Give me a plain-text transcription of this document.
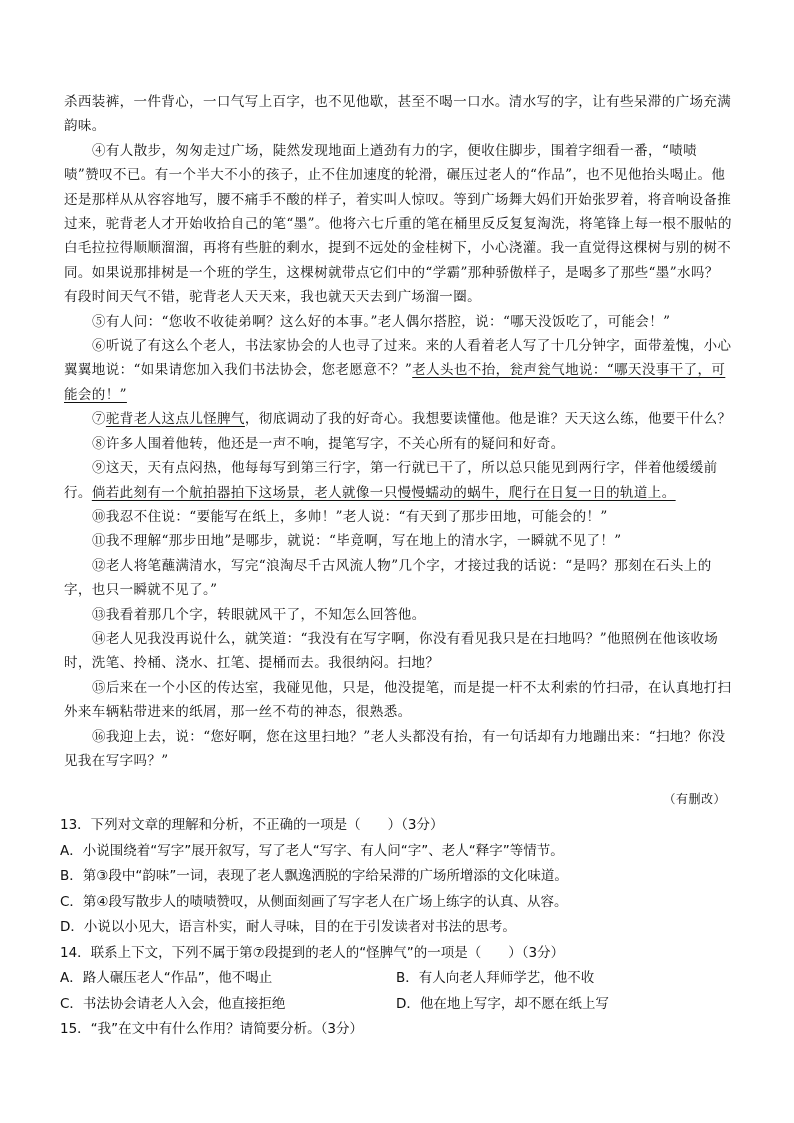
杀西装裤，一件背心，一口气写上百字，也不见他歇，甚至不喝一口水。清水写的字，让有些呆滞的广场充满韵味。

④有人散步，匆匆走过广场，陡然发现地面上遒劲有力的字，便收住脚步，围着字细看一番，“啧啧啧”赞叹不已。有一个半大不小的孩子，止不住加速度的轮滑，碾压过老人的“作品”，也不见他抬头喝止。他还是那样从从容容地写，腰不痛手不酸的样子，着实叫人惊叹。等到广场舞大妈们开始张罗着，将音响设备推过来，驼背老人才开始收拾自己的笔“墨”。他将六七斤重的笔在桶里反反复复淘洗，将笔锋上每一根不服帖的白毛拉拉得顺顺溜溜，再将有些脏的剩水，提到不远处的金桂树下，小心浇灌。我一直觉得这棵树与别的树不同。如果说那排树是一个班的学生，这棵树就带点它们中的“学霸”那种骄傲样子，是喝多了那些“墨”水吗？有段时间天气不错，驼背老人天天来，我也就天天去到广场溜一圈。

⑤有人问：“您收不收徒弟啊？这么好的本事。”老人偶尔搭腔，说：“哪天没饭吃了，可能会！”

⑥听说了有这么个老人，书法家协会的人也寻了过来。来的人看着老人写了十几分钟字，面带羞愧，小心翼翼地说：“如果请您加入我们书法协会，您老愿意不？”老人头也不抬，瓮声瓮气地说：“哪天没事干了，可能会的！”

⑦驼背老人这点儿怪脾气，彻底调动了我的好奇心。我想要读懂他。他是谁？天天这么练，他要干什么？

⑧许多人围着他转，他还是一声不响，提笔写字，不关心所有的疑问和好奇。

⑨这天，天有点闷热，他每每写到第三行字，第一行就已干了，所以总只能见到两行字，伴着他缓缓前行。倘若此刻有一个航拍器拍下这场景，老人就像一只慢慢蠕动的蜗牛，爬行在日复一日的轨道上。

⑩我忍不住说：“要能写在纸上，多帅！”老人说：“有天到了那步田地，可能会的！”

⑪我不理解“那步田地”是哪步，就说：“毕竟啊，写在地上的清水字，一瞬就不见了！”

⑫老人将笔蘸满清水，写完“浪淘尽千古风流人物”几个字，才接过我的话说：“是吗？那刻在石头上的字，也只一瞬就不见了。”

⑬我看着那几个字，转眼就风干了，不知怎么回答他。

⑭老人见我没再说什么，就笑道：“我没有在写字啊，你没有看见我只是在扫地吗？”他照例在他该收场时，洗笔、拎桶、浇水、扛笔、提桶而去。我很纳闷。扫地？

⑮后来在一个小区的传达室，我碰见他，只是，他没提笔，而是提一杆不太利索的竹扫帚，在认真地打扫外来车辆粘带进来的纸屑，那一丝不苟的神态，很熟悉。

⑯我迎上去，说：“您好啊，您在这里扫地？”老人头都没有抬，有一句话却有力地蹦出来：“扫地？你没见我在写字吗？”

（有删改）

13．下列对文章的理解和分析，不正确的一项是（　　）（3分）

A．小说围绕着“写字”展开叙写，写了老人“写字、有人问“字”、老人“释字”等情节。

B．第③段中“韵味”一词，表现了老人飘逸洒脱的字给呆滞的广场所增添的文化味道。

C．第④段写散步人的啧啧赞叹，从侧面刻画了写字老人在广场上练字的认真、从容。

D．小说以小见大，语言朴实，耐人寻味，目的在于引发读者对书法的思考。

14．联系上下文，下列不属于第⑦段提到的老人的“怪脾气”的一项是（　　）（3分）

A．路人碾压老人“作品”，他不喝止	B．有人向老人拜师学艺，他不收
C．书法协会请老人入会，他直接拒绝	D．他在地上写字，却不愿在纸上写

15．“我”在文中有什么作用？请简要分析。（3分）
